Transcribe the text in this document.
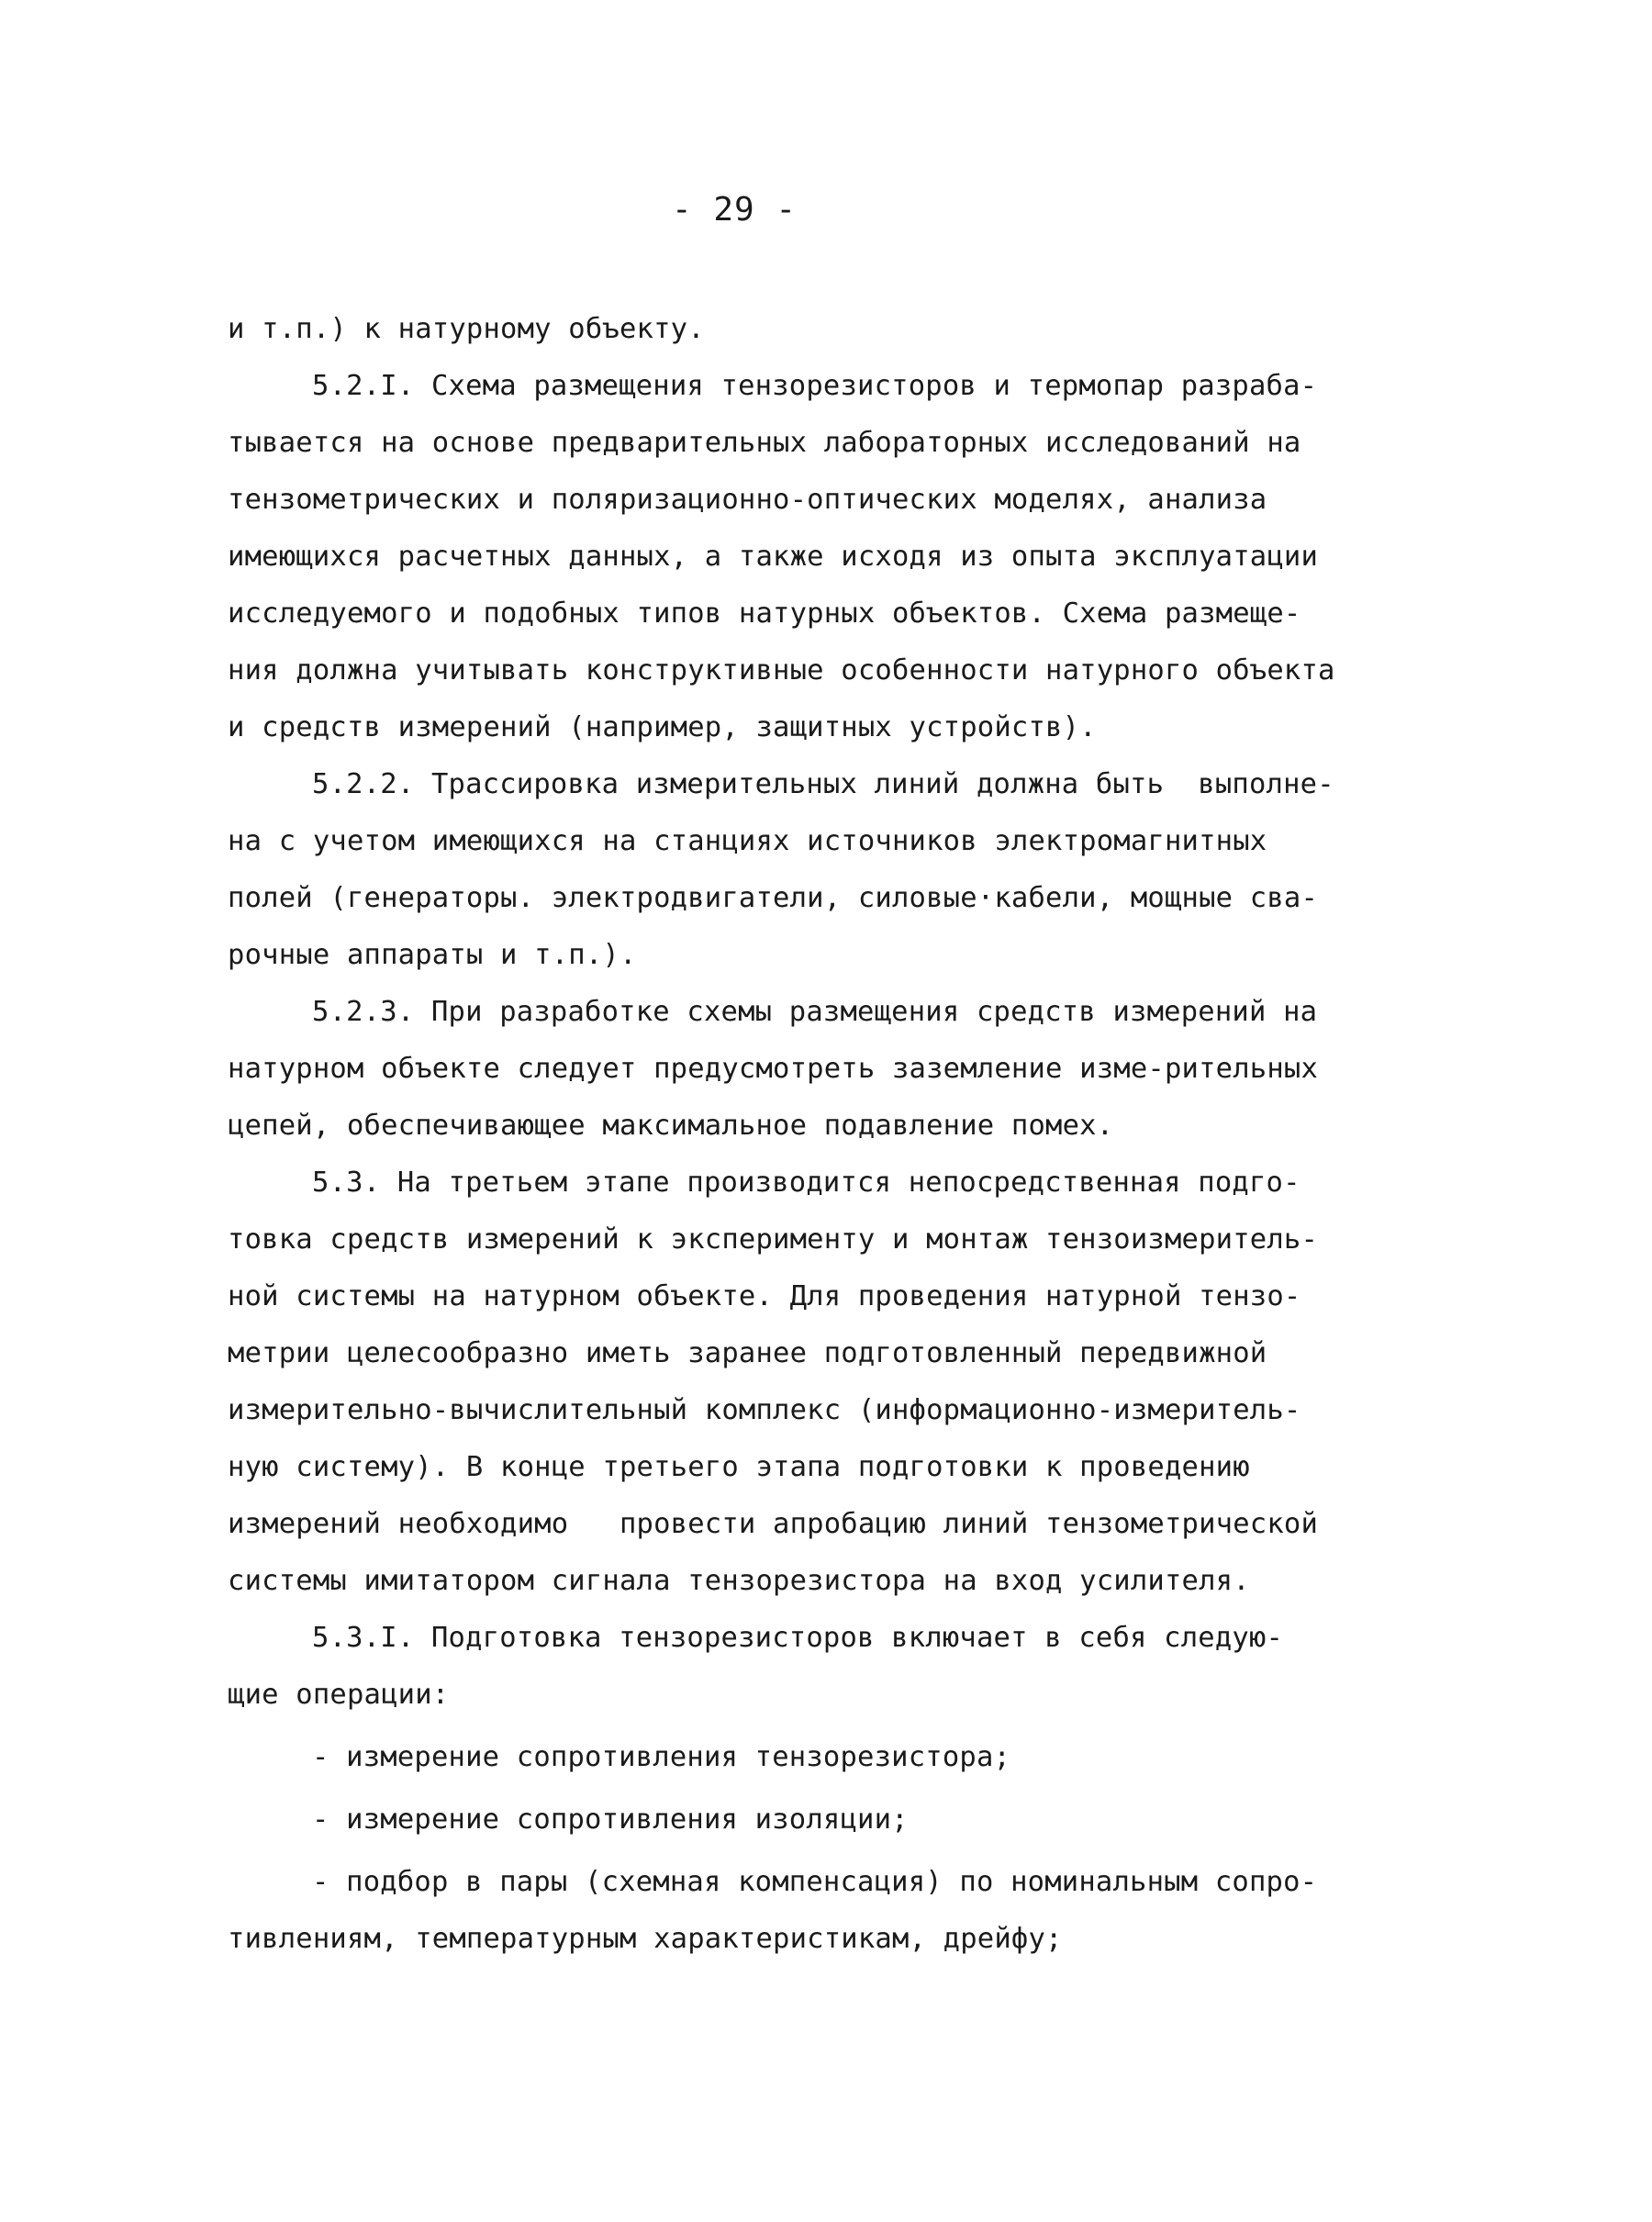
- 29 -
и т.п.) к натурному объекту.
5.2.I. Схема размещения тензорезисторов и термопар разраба-
тывается на основе предварительных лабораторных исследований на
тензометрических и поляризационно-оптических моделях, анализа
имеющихся расчетных данных, а также исходя из опыта эксплуатации
исследуемого и подобных типов натурных объектов. Схема размеще-
ния должна учитывать конструктивные особенности натурного объекта
и средств измерений (например, защитных устройств).
5.2.2. Трассировка измерительных линий должна быть  выполне-
на с учетом имеющихся на станциях источников электромагнитных
полей (генераторы. электродвигатели, силовые·кабели, мощные сва-
рочные аппараты и т.п.).
5.2.3. При разработке схемы размещения средств измерений на
натурном объекте следует предусмотреть заземление изме-рительных
цепей, обеспечивающее максимальное подавление помех.
5.3. На третьем этапе производится непосредственная подго-
товка средств измерений к эксперименту и монтаж тензоизмеритель-
ной системы на натурном объекте. Для проведения натурной тензо-
метрии целесообразно иметь заранее подготовленный передвижной
измерительно-вычислительный комплекс (информационно-измеритель-
ную систему). В конце третьего этапа подготовки к проведению
измерений необходимо   провести апробацию линий тензометрической
системы имитатором сигнала тензорезистора на вход усилителя.
5.3.I. Подготовка тензорезисторов включает в себя следую-
щие операции:
- измерение сопротивления тензорезистора;
- измерение сопротивления изоляции;
- подбор в пары (схемная компенсация) по номинальным сопро-
тивлениям, температурным характеристикам, дрейфу;
